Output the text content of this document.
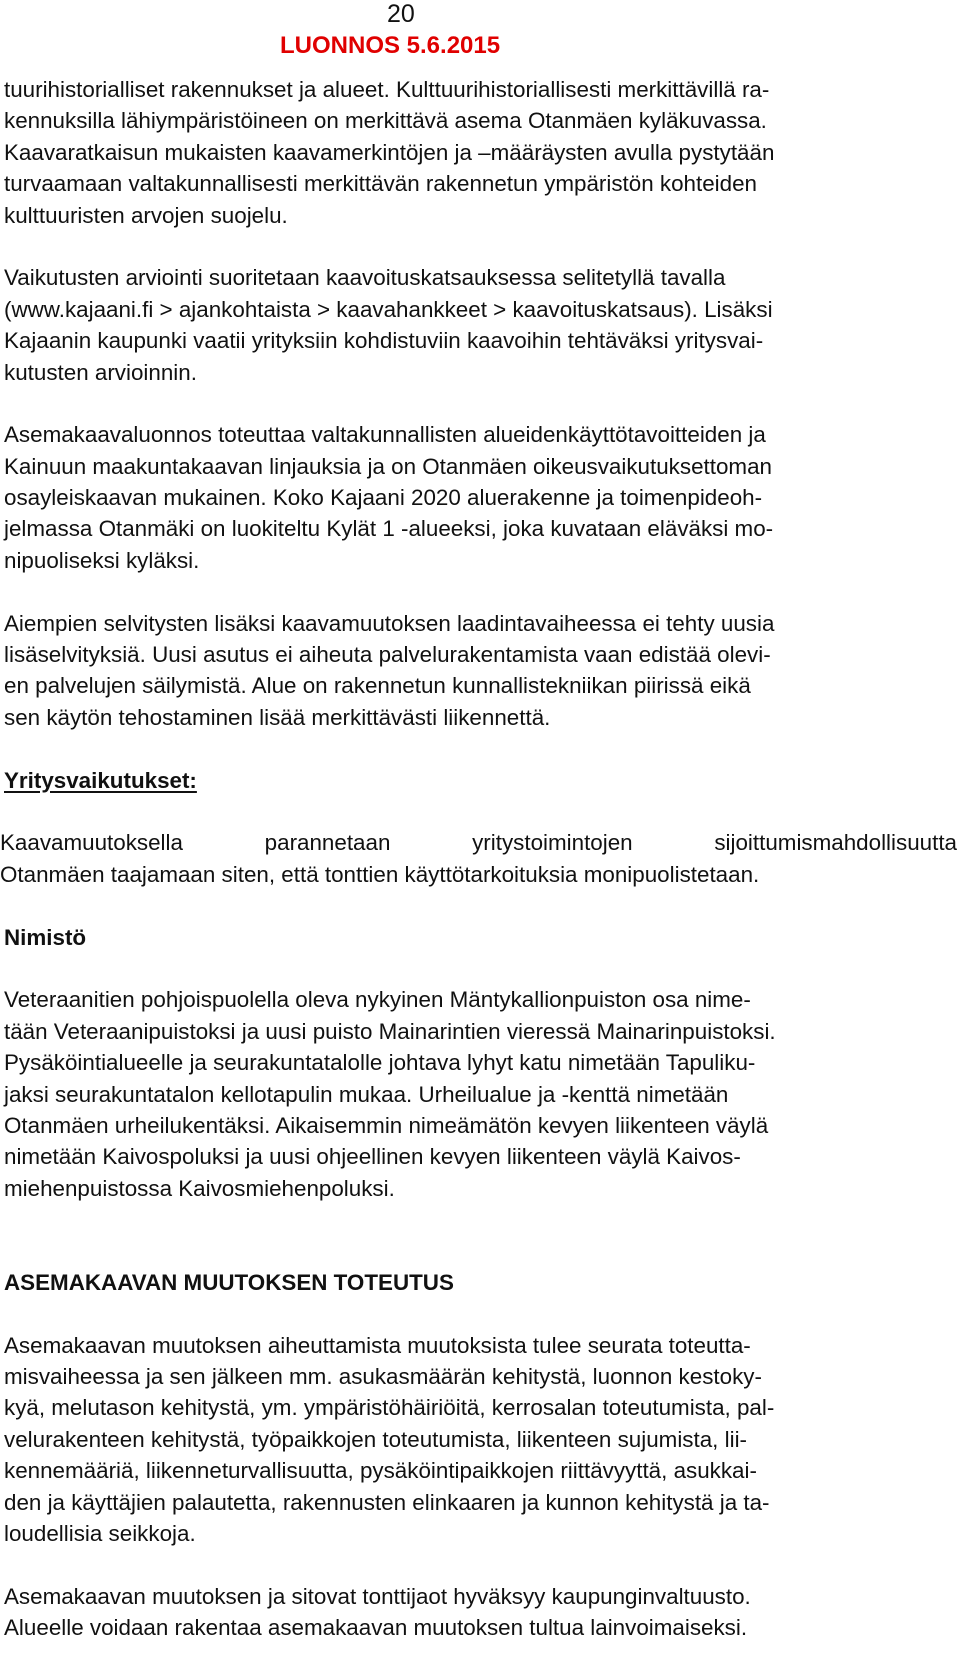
20
LUONNOS 5.6.2015
tuurihistorialliset rakennukset ja alueet. Kulttuurihistoriallisesti merkittävillä ra-
kennuksilla lähiympäristöineen on merkittävä asema Otanmäen kyläkuvassa.
Kaavaratkaisun mukaisten kaavamerkintöjen ja –määräysten avulla pystytään
turvaamaan valtakunnallisesti merkittävän rakennetun ympäristön kohteiden
kulttuuristen arvojen suojelu.
Vaikutusten arviointi suoritetaan kaavoituskatsauksessa selitetyllä tavalla
(www.kajaani.fi > ajankohtaista > kaavahankkeet > kaavoituskatsaus). Lisäksi
Kajaanin kaupunki vaatii yrityksiin kohdistuviin kaavoihin tehtäväksi yritysvai-
kutusten arvioinnin.
Asemakaavaluonnos toteuttaa valtakunnallisten alueidenkäyttötavoitteiden ja
Kainuun maakuntakaavan linjauksia ja on Otanmäen oikeusvaikutuksettoman
osayleiskaavan mukainen. Koko Kajaani 2020 aluerakenne ja toimenpideoh-
jelmassa Otanmäki on luokiteltu Kylät 1 -alueeksi, joka kuvataan eläväksi mo-
nipuoliseksi kyläksi.
Aiempien selvitysten lisäksi kaavamuutoksen laadintavaiheessa ei tehty uusia
lisäselvityksiä. Uusi asutus ei aiheuta palvelurakentamista vaan edistää olevi-
en palvelujen säilymistä. Alue on rakennetun kunnallistekniikan piirissä eikä
sen käytön tehostaminen lisää merkittävästi liikennettä.
Yritysvaikutukset:
Kaavamuutoksella parannetaan yritystoimintojen sijoittumismahdollisuutta
Otanmäen taajamaan siten, että tonttien käyttötarkoituksia monipuolistetaan.
Nimistö
Veteraanitien pohjoispuolella oleva nykyinen Mäntykallionpuiston osa nime-
tään Veteraanipuistoksi ja uusi puisto Mainarintien vieressä Mainarinpuistoksi.
Pysäköintialueelle ja seurakuntatalolle johtava lyhyt katu nimetään Tapuliku-
jaksi seurakuntatalon kellotapulin mukaa. Urheilualue ja -kenttä nimetään
Otanmäen urheilukentäksi. Aikaisemmin nimeämätön kevyen liikenteen väylä
nimetään Kaivospoluksi ja uusi ohjeellinen kevyen liikenteen väylä Kaivos-
miehenpuistossa Kaivosmiehenpoluksi.
ASEMAKAAVAN MUUTOKSEN TOTEUTUS
Asemakaavan muutoksen aiheuttamista muutoksista tulee seurata toteutta-
misvaiheessa ja sen jälkeen mm. asukasmäärän kehitystä, luonnon kestoky-
kyä, melutason kehitystä, ym. ympäristöhäiriöitä, kerrosalan toteutumista, pal-
velurakenteen kehitystä, työpaikkojen toteutumista, liikenteen sujumista, lii-
kennemääriä, liikenneturvallisuutta, pysäköintipaikkojen riittävyyttä, asukkai-
den ja käyttäjien palautetta, rakennusten elinkaaren ja kunnon kehitystä ja ta-
loudellisia seikkoja.
Asemakaavan muutoksen ja sitovat tonttijaot hyväksyy kaupunginvaltuusto.
Alueelle voidaan rakentaa asemakaavan muutoksen tultua lainvoimaiseksi.
